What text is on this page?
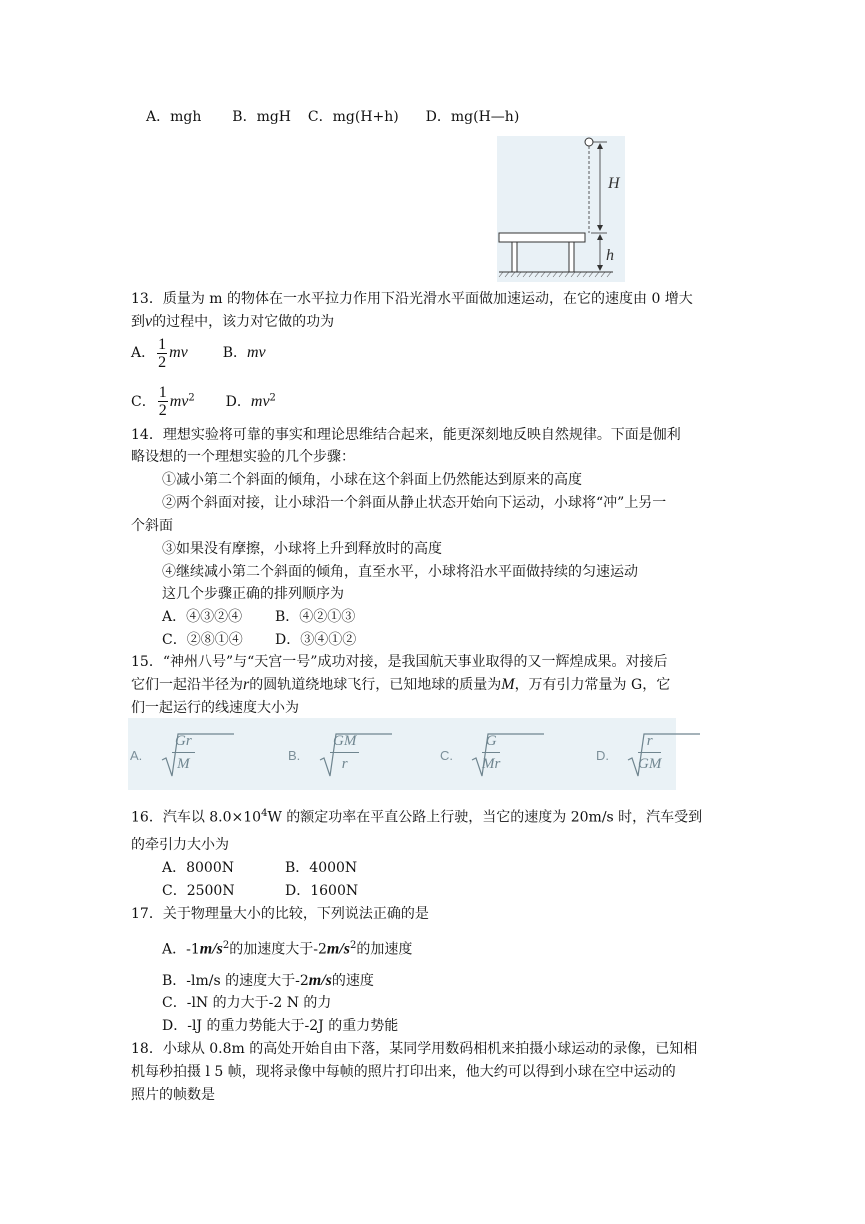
A．mgh B．mgH C．mg(H+h) D．mg(H—h)
H
h
13．质量为 m 的物体在一水平拉力作用下沿光滑水平面做加速运动，在它的速度由 0 增大
到v的过程中，该力对它做的功为
A． $\frac{1}{2}$ mv B．mv
C． $\frac{1}{2} mv^2$ D．$mv^2$
14．理想实验将可靠的事实和理论思维结合起来，能更深刻地反映自然规律。下面是伽利
略设想的一个理想实验的几个步骤：
①减小第二个斜面的倾角，小球在这个斜面上仍然能达到原来的高度
②两个斜面对接，让小球沿一个斜面从静止状态开始向下运动，小球将“冲”上另一
个斜面
③如果没有摩擦，小球将上升到释放时的高度
④继续减小第二个斜面的倾角，直至水平，小球将沿水平面做持续的匀速运动
这几个步骤正确的排列顺序为
A．④③②④ B．④②①③
C．②⑧①④ D．③④①②
15．“神州八号”与“天宫一号”成功对接，是我国航天事业取得的又一辉煌成果。对接后
它们一起沿半径为r的圆轨道绕地球飞行，已知地球的质量为M，万有引力常量为 G，它
们一起运行的线速度大小为
A.
Gr
M
B.
GM
r
C.
G
Mr
D.
r
GM
16．汽车以 $8.0\times 10^4W$ 的额定功率在平直公路上行驶，当它的速度为 20m/s 时，汽车受到
的牵引力大小为
A．8000N	B．4000N
C．2500N	D．1600N
17．关于物理量大小的比较，下列说法正确的是
A．$-1m/s^2$的加速度大于$-2m/s^2$的加速度
B．-lm/s 的速度大于-2m/s的速度
C．-lN 的力大于-2 N 的力
D．-lJ 的重力势能大于-2J 的重力势能
18．小球从 0.8m 的高处开始自由下落，某同学用数码相机来拍摄小球运动的录像，已知相
机每秒拍摄 l 5 帧，现将录像中每帧的照片打印出来，他大约可以得到小球在空中运动的
照片的帧数是
